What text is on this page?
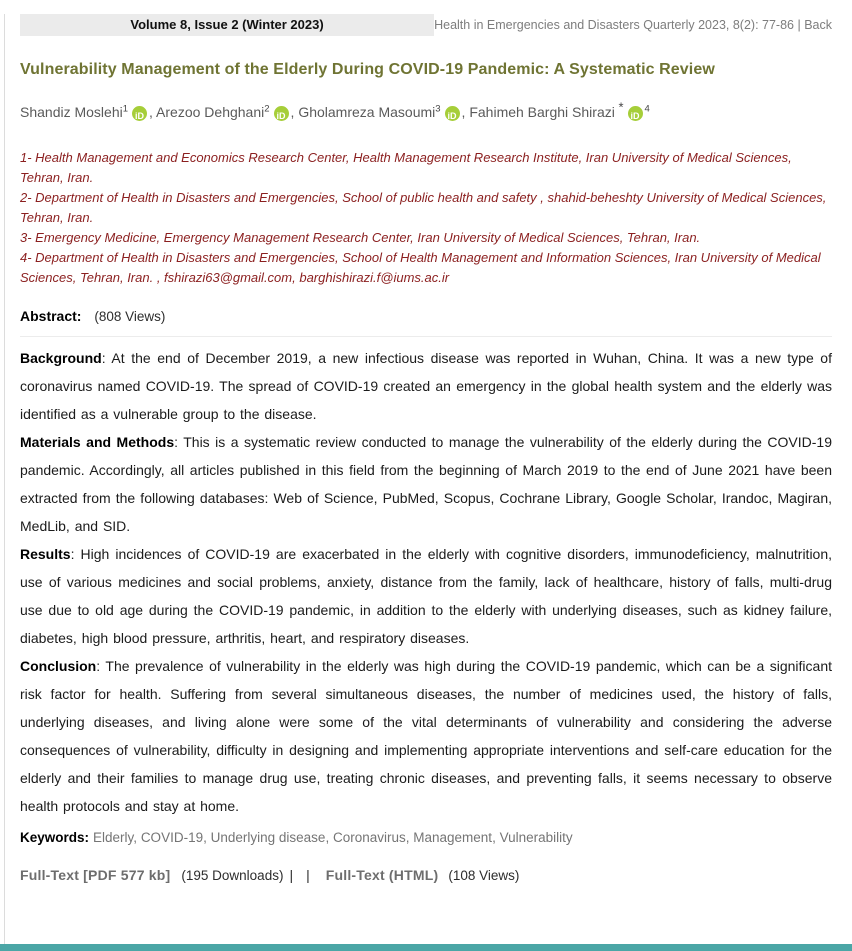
Volume 8, Issue 2 (Winter 2023)	Health in Emergencies and Disasters Quarterly 2023, 8(2): 77-86 | Back
Vulnerability Management of the Elderly During COVID-19 Pandemic: A Systematic Review
Shandiz Moslehi$^1$iD , Arezoo Dehghani$^2$iD , Gholamreza Masoumi$^3$iD , Fahimeh Barghi Shirazi $*iD^4$
1- Health Management and Economics Research Center, Health Management Research Institute, Iran University of Medical Sciences, Tehran, Iran.
2- Department of Health in Disasters and Emergencies, School of public health and safety , shahid-beheshty University of Medical Sciences, Tehran, Iran.
3- Emergency Medicine, Emergency Management Research Center, Iran University of Medical Sciences, Tehran, Iran.
4- Department of Health in Disasters and Emergencies, School of Health Management and Information Sciences, Iran University of Medical Sciences, Tehran, Iran. , fshirazi63@gmail.com, barghishirazi.f@iums.ac.ir
Abstract: (808 Views)

Background: At the end of December 2019, a new infectious disease was reported in Wuhan, China. It was a new type of coronavirus named COVID-19. The spread of COVID-19 created an emergency in the global health system and the elderly was identified as a vulnerable group to the disease.

Materials and Methods: This is a systematic review conducted to manage the vulnerability of the elderly during the COVID-19 pandemic. Accordingly, all articles published in this field from the beginning of March 2019 to the end of June 2021 have been extracted from the following databases: Web of Science, PubMed, Scopus, Cochrane Library, Google Scholar, Irandoc, Magiran, MedLib, and SID.

Results: High incidences of COVID-19 are exacerbated in the elderly with cognitive disorders, immunodeficiency, malnutrition, use of various medicines and social problems, anxiety, distance from the family, lack of healthcare, history of falls, multi-drug use due to old age during the COVID-19 pandemic, in addition to the elderly with underlying diseases, such as kidney failure, diabetes, high blood pressure, arthritis, heart, and respiratory diseases.

Conclusion: The prevalence of vulnerability in the elderly was high during the COVID-19 pandemic, which can be a significant risk factor for health. Suffering from several simultaneous diseases, the number of medicines used, the history of falls, underlying diseases, and living alone were some of the vital determinants of vulnerability and considering the adverse consequences of vulnerability, difficulty in designing and implementing appropriate interventions and self-care education for the elderly and their families to manage drug use, treating chronic diseases, and preventing falls, it seems necessary to observe health protocols and stay at home.

Keywords: Elderly, COVID-19, Underlying disease, Coronavirus, Management, Vulnerability
Full-Text [PDF 577 kb] (195 Downloads) | | Full-Text (HTML) (108 Views)
